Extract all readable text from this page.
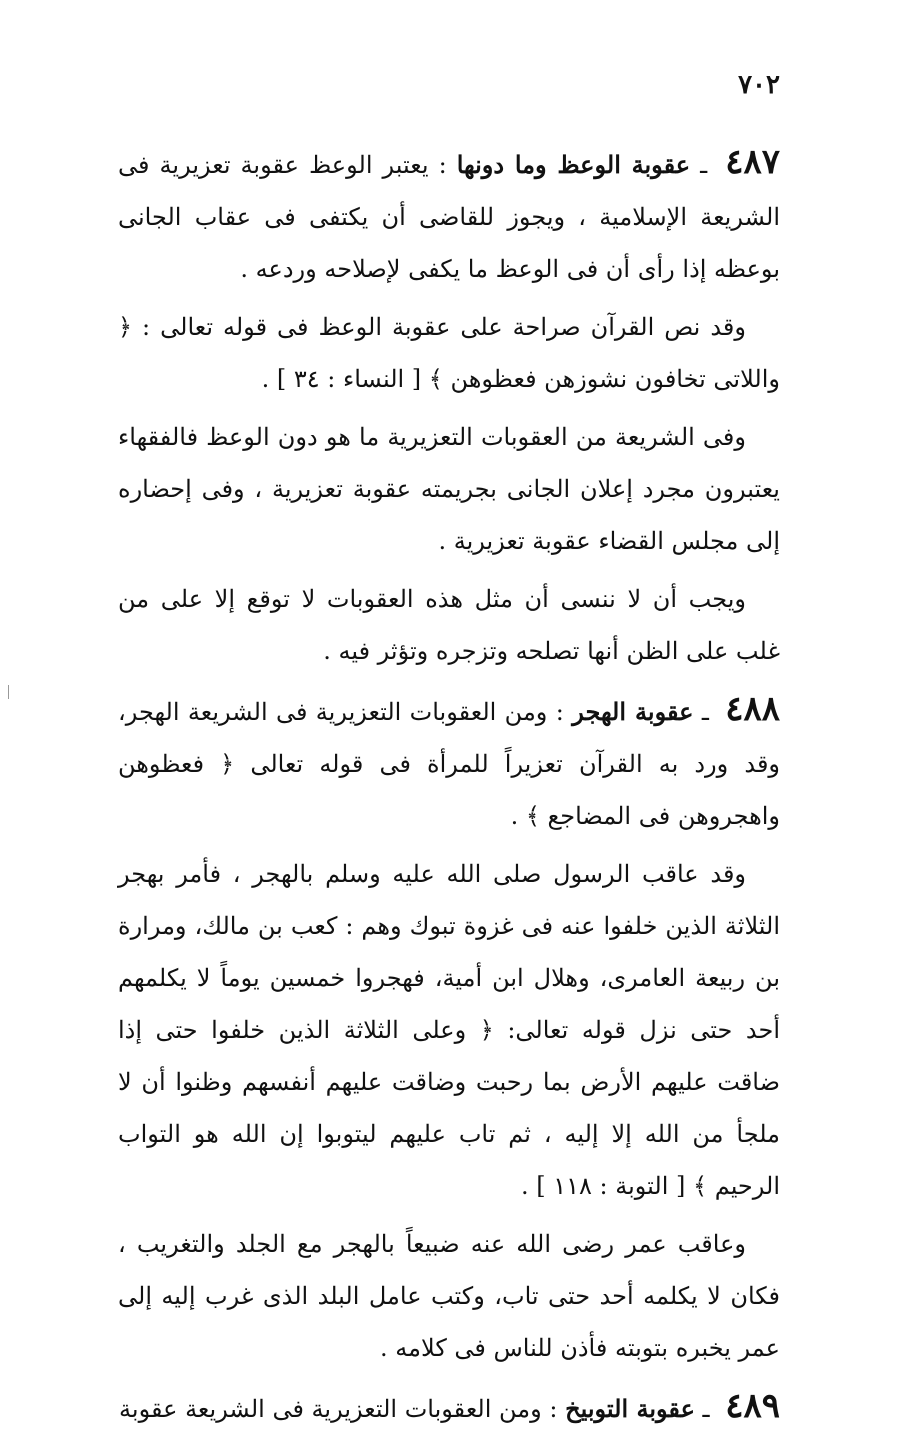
٧٠٢

٤٨٧ ـ عقوبة الوعظ وما دونها : يعتبر الوعظ عقوبة تعزيرية فى الشريعة الإسلامية ، ويجوز للقاضى أن يكتفى فى عقاب الجانى بوعظه إذا رأى أن فى الوعظ ما يكفى لإصلاحه وردعه .

وقد نص القرآن صراحة على عقوبة الوعظ فى قوله تعالى : ﴿ واللاتى تخافون نشوزهن فعظوهن ﴾ [ النساء : ٣٤ ] .

وفى الشريعة من العقوبات التعزيرية ما هو دون الوعظ فالفقهاء يعتبرون مجرد إعلان الجانى بجريمته عقوبة تعزيرية ، وفى إحضاره إلى مجلس القضاء عقوبة تعزيرية .

ويجب أن لا ننسى أن مثل هذه العقوبات لا توقع إلا على من غلب على الظن أنها تصلحه وتزجره وتؤثر فيه .

٤٨٨ ـ عقوبة الهجر : ومن العقوبات التعزيرية فى الشريعة الهجر، وقد ورد به القرآن تعزيراً للمرأة فى قوله تعالى ﴿ فعظوهن واهجروهن فى المضاجع ﴾ .

وقد عاقب الرسول صلى الله عليه وسلم بالهجر ، فأمر بهجر الثلاثة الذين خلفوا عنه فى غزوة تبوك وهم : كعب بن مالك، ومرارة بن ربيعة العامرى، وهلال ابن أمية، فهجروا خمسين يوماً لا يكلمهم أحد حتى نزل قوله تعالى: ﴿ وعلى الثلاثة الذين خلفوا حتى إذا ضاقت عليهم الأرض بما رحبت وضاقت عليهم أنفسهم وظنوا أن لا ملجأ من الله إلا إليه ، ثم تاب عليهم ليتوبوا إن الله هو التواب الرحيم ﴾ [ التوبة : ١١٨ ] .

وعاقب عمر رضى الله عنه ضبيعاً بالهجر مع الجلد والتغريب ، فكان لا يكلمه أحد حتى تاب، وكتب عامل البلد الذى غرب إليه إلى عمر يخبره بتوبته فأذن للناس فى كلامه .

٤٨٩ ـ عقوبة التوبيخ : ومن العقوبات التعزيرية فى الشريعة عقوبة
